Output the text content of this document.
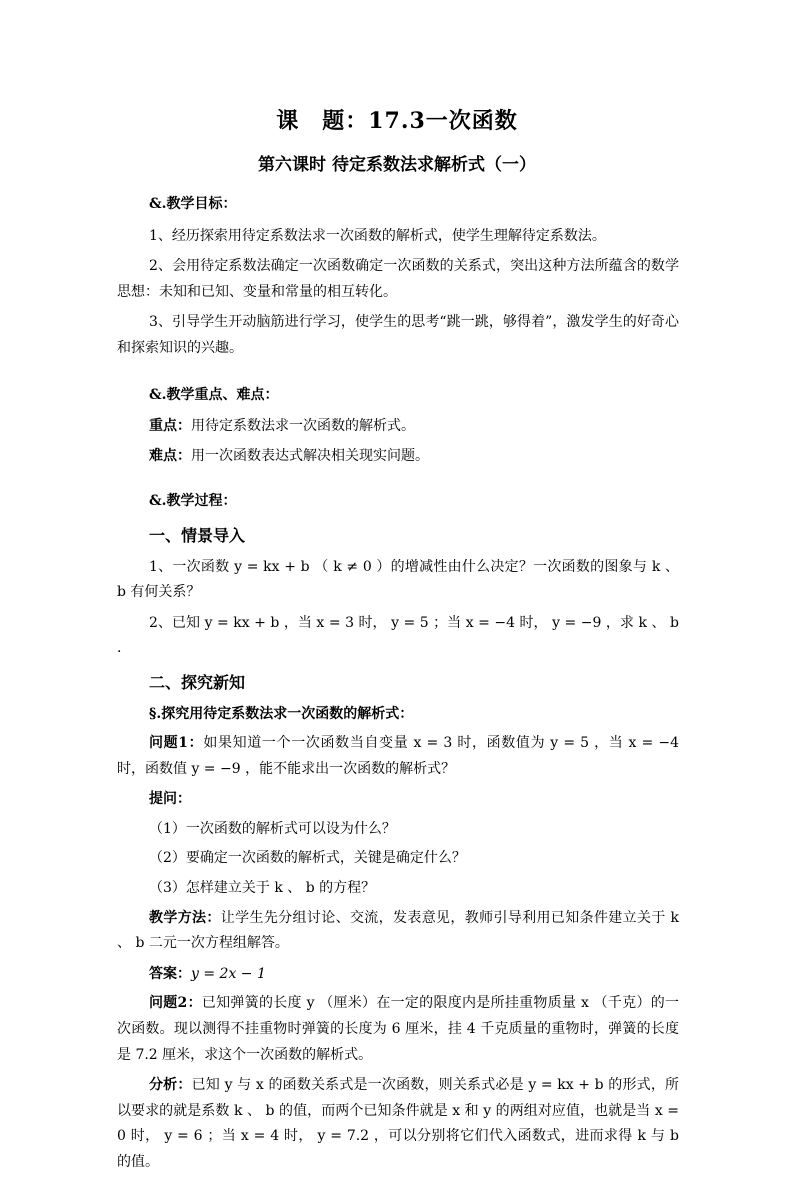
课　题：17.3一次函数
第六课时 待定系数法求解析式（一）
&.教学目标：

1、经历探索用待定系数法求一次函数的解析式，使学生理解待定系数法。

2、会用待定系数法确定一次函数确定一次函数的关系式，突出这种方法所蕴含的数学思想：未知和已知、变量和常量的相互转化。

3、引导学生开动脑筋进行学习，使学生的思考“跳一跳，够得着”，激发学生的好奇心和探索知识的兴趣。

&.教学重点、难点：
重点：用待定系数法求一次函数的解析式。
难点：用一次函数表达式解决相关现实问题。
&.教学过程：
一、情景导入

1、一次函数 y = kx + b （ k ≠ 0 ）的增减性由什么决定？一次函数的图象与 k 、 b 有何关系？

2、已知 y = kx + b ，当 x = 3 时， y = 5 ；当 x = −4 时， y = −9 ，求 k 、 b .

二、探究新知
§.探究用待定系数法求一次函数的解析式：

问题1：如果知道一个一次函数当自变量 x = 3 时，函数值为 y = 5 ，当 x = −4 时，函数值 y = −9 ，能不能求出一次函数的解析式？

提问：
（1）一次函数的解析式可以设为什么？
（2）要确定一次函数的解析式，关键是确定什么？
（3）怎样建立关于 k 、 b 的方程？

教学方法：让学生先分组讨论、交流，发表意见，教师引导利用已知条件建立关于 k 、 b 二元一次方程组解答。

答案：y = 2x − 1

问题2：已知弹簧的长度 y （厘米）在一定的限度内是所挂重物质量 x （千克）的一次函数。现以测得不挂重物时弹簧的长度为 6 厘米，挂 4 千克质量的重物时，弹簧的长度是 7.2 厘米，求这个一次函数的解析式。

分析：已知 y 与 x 的函数关系式是一次函数，则关系式必是 y = kx + b 的形式，所以要求的就是系数 k 、 b 的值，而两个已知条件就是 x 和 y 的两组对应值，也就是当 x = 0 时， y = 6 ；当 x = 4 时， y = 7.2 ，可以分别将它们代入函数式，进而求得 k 与 b 的值。
